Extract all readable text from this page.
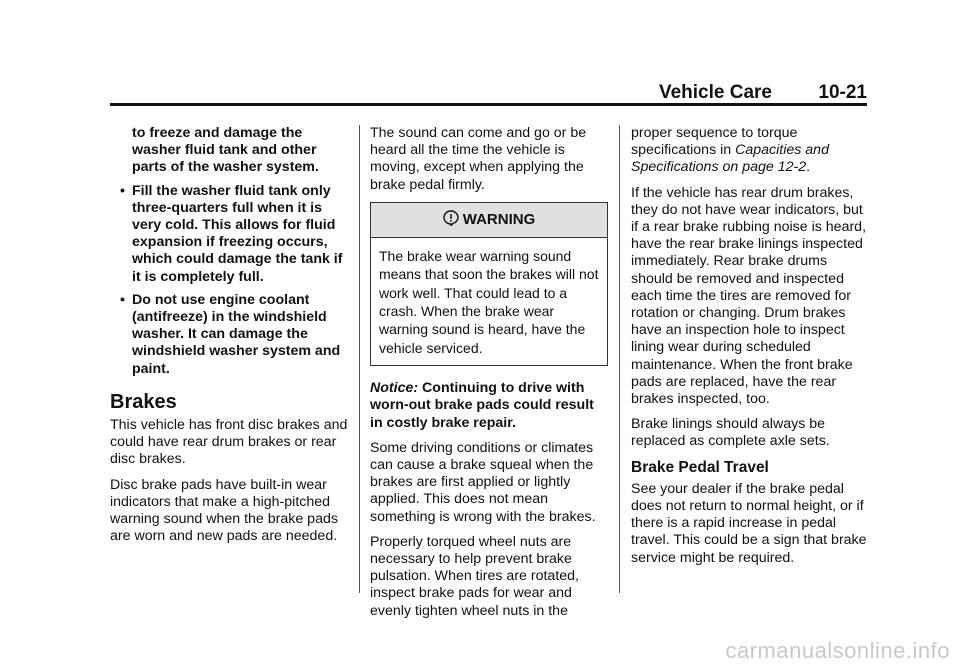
Vehicle Care 10-21
to freeze and damage the washer fluid tank and other parts of the washer system.
• Fill the washer fluid tank only three-quarters full when it is very cold. This allows for fluid expansion if freezing occurs, which could damage the tank if it is completely full.
• Do not use engine coolant (antifreeze) in the windshield washer. It can damage the windshield washer system and paint.
Brakes

This vehicle has front disc brakes and could have rear drum brakes or rear disc brakes.

Disc brake pads have built-in wear indicators that make a high-pitched warning sound when the brake pads are worn and new pads are needed.

The sound can come and go or be heard all the time the vehicle is moving, except when applying the brake pedal firmly.

WARNING
The brake wear warning sound means that soon the brakes will not work well. That could lead to a crash. When the brake wear warning sound is heard, have the vehicle serviced.

Notice: Continuing to drive with worn-out brake pads could result in costly brake repair.

Some driving conditions or climates can cause a brake squeal when the brakes are first applied or lightly applied. This does not mean something is wrong with the brakes.

Properly torqued wheel nuts are necessary to help prevent brake pulsation. When tires are rotated, inspect brake pads for wear and evenly tighten wheel nuts in the

proper sequence to torque specifications in Capacities and Specifications on page 12-2.

If the vehicle has rear drum brakes, they do not have wear indicators, but if a rear brake rubbing noise is heard, have the rear brake linings inspected immediately. Rear brake drums should be removed and inspected each time the tires are removed for rotation or changing. Drum brakes have an inspection hole to inspect lining wear during scheduled maintenance. When the front brake pads are replaced, have the rear brakes inspected, too.

Brake linings should always be replaced as complete axle sets.

Brake Pedal Travel

See your dealer if the brake pedal does not return to normal height, or if there is a rapid increase in pedal travel. This could be a sign that brake service might be required.

carmanualsonline.info
